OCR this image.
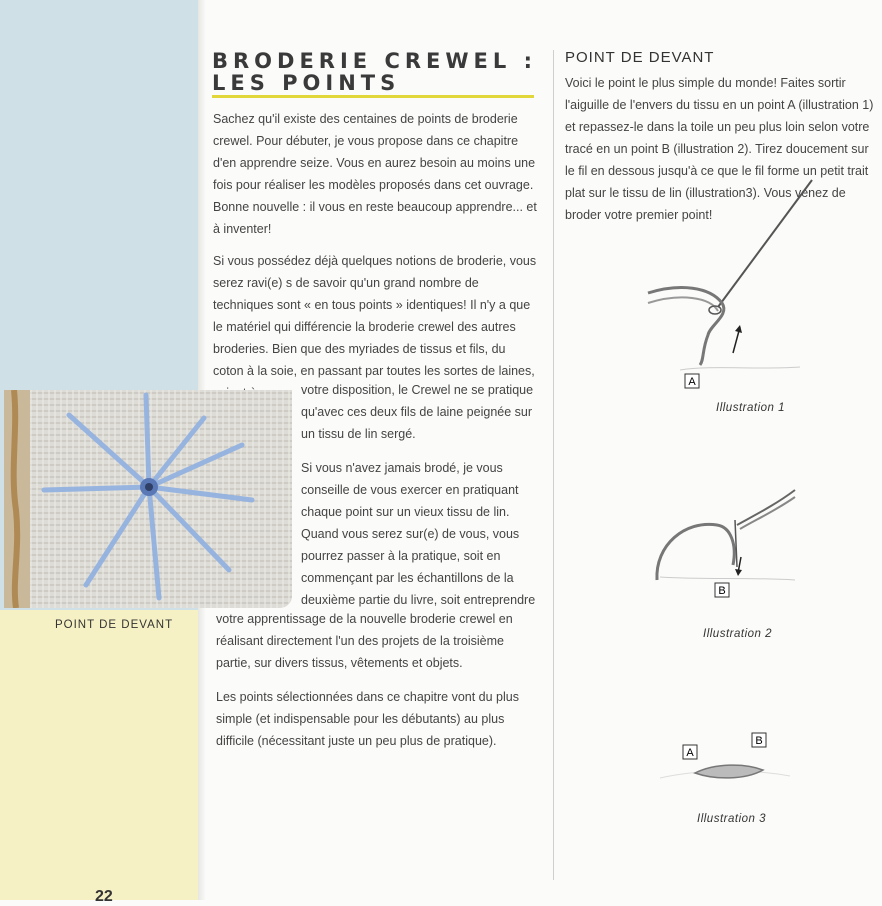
BRODERIE CREWEL :
LES POINTS

Sachez qu'il existe des centaines de points de broderie crewel. Pour débuter, je vous propose dans ce chapitre d'en apprendre seize. Vous en aurez besoin au moins une fois pour réaliser les modèles proposés dans cet ouvrage. Bonne nouvelle : il vous en reste beaucoup apprendre... et à inventer!

Si vous possédez déjà quelques notions de broderie, vous serez ravi(e) s de savoir qu'un grand nombre de techniques sont « en tous points » identiques! Il n'y a que le matériel qui différencie la broderie crewel des autres broderies. Bien que des myriades de tissus et fils, du coton à la soie, en passant par toutes les sortes de laines,

votre disposition, le Crewel ne se pratique qu'avec ces deux fils de laine peignée sur un tissu de lin sergé.

Si vous n'avez jamais brodé, je vous conseille de vous exercer en pratiquant chaque point sur un vieux tissu de lin. Quand vous serez sur(e) de vous, vous pourrez passer à la pratique, soit en commençant par les échantillons de la deuxième partie du livre, soit entreprendre

votre apprentissage de la nouvelle broderie crewel en réalisant directement l'un des projets de la troisième partie, sur divers tissus, vêtements et objets.

Les points sélectionnées dans ce chapitre vont du plus simple (et indispensable pour les débutants) au plus difficile (nécessitant juste un peu plus de pratique).

POINT DE DEVANT
POINT DE DEVANT

Voici le point le plus simple du monde! Faites sortir l'aiguille de l'envers du tissu en un point A (illustration 1) et repassez-le dans la toile un peu plus loin selon votre tracé en un point B (illustration 2). Tirez doucement sur le fil en dessous jusqu'à ce que le fil forme un petit trait plat sur le tissu de lin (illustration3). Vous venez de broder votre premier point!

A
Illustration 1
B
Illustration 2
A
B
Illustration 3
22
